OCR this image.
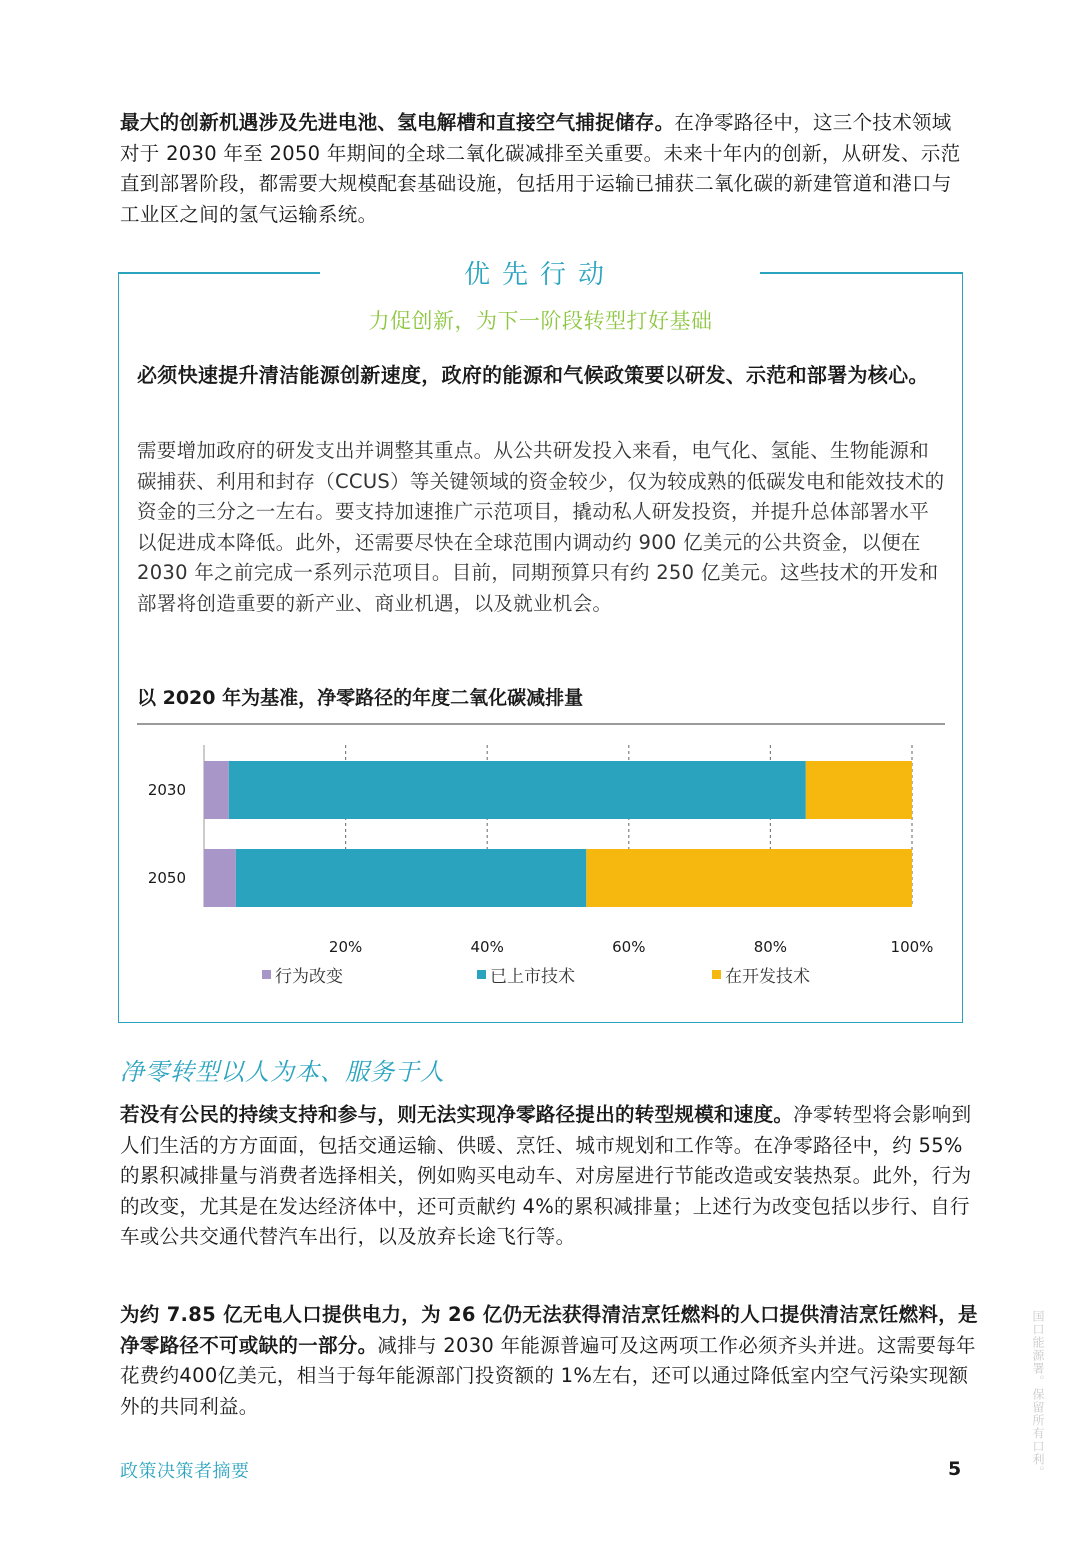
最大的创新机遇涉及先进电池、氢电解槽和直接空气捕捉储存。在净零路径中，这三个技术领域对于 2030 年至 2050 年期间的全球二氧化碳减排至关重要。未来十年内的创新，从研发、示范直到部署阶段，都需要大规模配套基础设施，包括用于运输已捕获二氧化碳的新建管道和港口与工业区之间的氢气运输系统。
优先行动
力促创新，为下一阶段转型打好基础
必须快速提升清洁能源创新速度，政府的能源和气候政策要以研发、示范和部署为核心。
需要增加政府的研发支出并调整其重点。从公共研发投入来看，电气化、氢能、生物能源和碳捕获、利用和封存（CCUS）等关键领域的资金较少，仅为较成熟的低碳发电和能效技术的资金的三分之一左右。要支持加速推广示范项目，撬动私人研发投资，并提升总体部署水平以促进成本降低。此外，还需要尽快在全球范围内调动约 900 亿美元的公共资金，以便在 2030 年之前完成一系列示范项目。目前，同期预算只有约 250 亿美元。这些技术的开发和部署将创造重要的新产业、商业机遇，以及就业机会。
以 2020 年为基准，净零路径的年度二氧化碳减排量
20%	40%	60%	80%	100%
2030
2050
行为改变	已上市技术	在开发技术
净零转型以人为本、服务于人
若没有公民的持续支持和参与，则无法实现净零路径提出的转型规模和速度。净零转型将会影响到人们生活的方方面面，包括交通运输、供暖、烹饪、城市规划和工作等。在净零路径中，约 55%的累积减排量与消费者选择相关，例如购买电动车、对房屋进行节能改造或安装热泵。此外，行为的改变，尤其是在发达经济体中，还可贡献约 4%的累积减排量；上述行为改变包括以步行、自行车或公共交通代替汽车出行，以及放弃长途飞行等。
为约 7.85 亿无电人口提供电力，为 26 亿仍无法获得清洁烹饪燃料的人口提供清洁烹饪燃料，是净零路径不可或缺的一部分。减排与 2030 年能源普遍可及这两项工作必须齐头并进。这需要每年花费约400亿美元，相当于每年能源部门投资额的 1%左右，还可以通过降低室内空气污染实现额外的共同利益。
政策决策者摘要	5	国口能源署。保留所有口利。
